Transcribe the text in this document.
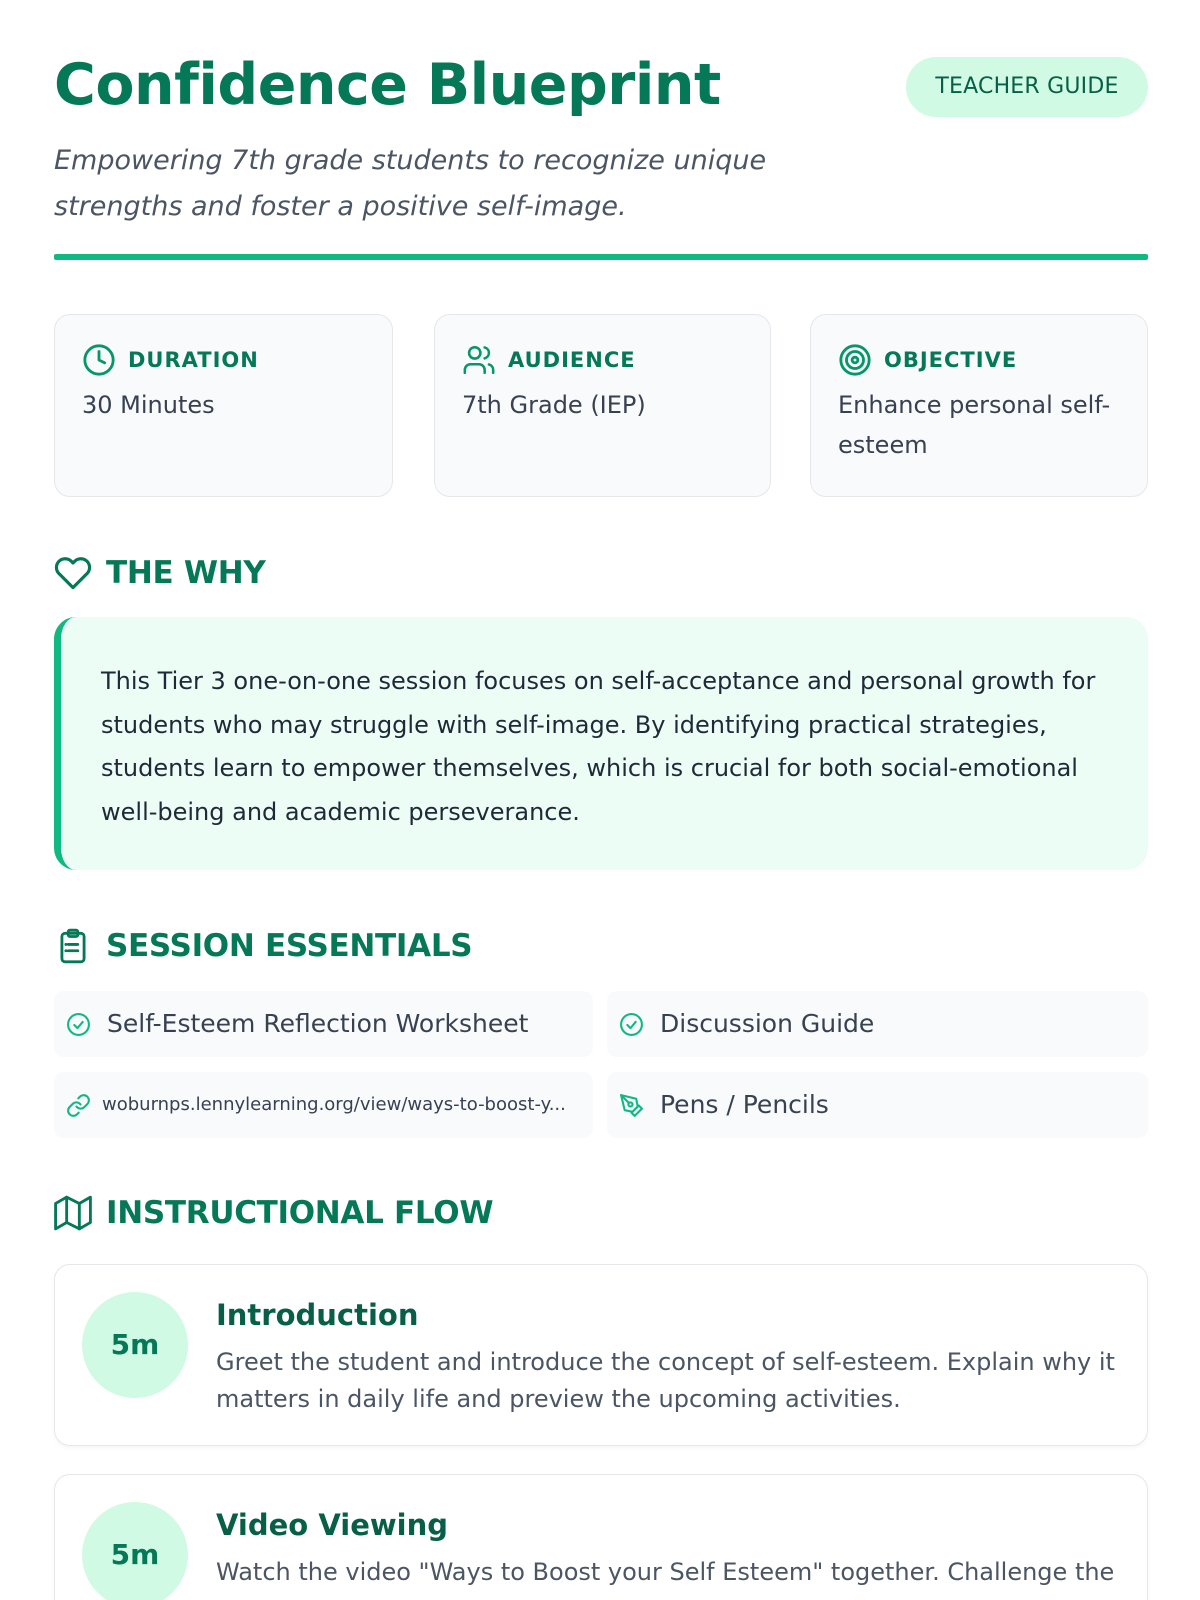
Confidence Blueprint	TEACHER GUIDE

Empowering 7th grade students to recognize unique strengths and foster a positive self-image.

DURATION
30 Minutes
AUDIENCE
7th Grade (IEP)
OBJECTIVE
Enhance personal self-esteem
THE WHY

This Tier 3 one-on-one session focuses on self-acceptance and personal growth for students who may struggle with self-image. By identifying practical strategies, students learn to empower themselves, which is crucial for both social-emotional well-being and academic perseverance.

SESSION ESSENTIALS
Self-Esteem Reflection Worksheet	Discussion Guide
woburnps.lennylearning.org/view/ways-to-boost-y...	Pens / Pencils
INSTRUCTIONAL FLOW
5m
Introduction
Greet the student and introduce the concept of self-esteem. Explain why it matters in daily life and preview the upcoming activities.
5m
Video Viewing
Watch the video "Ways to Boost your Self Esteem" together. Challenge the
